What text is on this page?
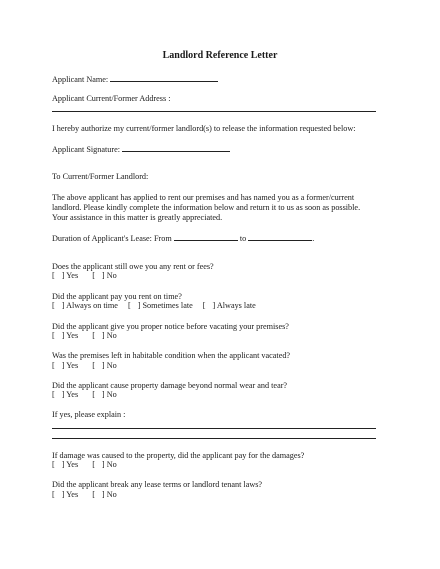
Landlord Reference Letter
Applicant Name:
Applicant Current/Former Address :
I hereby authorize my current/former landlord(s) to release the information requested below:
Applicant Signature:
To Current/Former Landlord:
The above applicant has applied to rent our premises and has named you as a former/current
landlord. Please kindly complete the information below and return it to us as soon as possible.
Your assistance in this matter is greatly appreciated.
Duration of Applicant's Lease: From	to	.
Does the applicant still owe you any rent or fees?
[ ] Yes [ ] No
Did the applicant pay you rent on time?
[ ] Always on time [ ] Sometimes late [ ] Always late
Did the applicant give you proper notice before vacating your premises?
[ ] Yes [ ] No
Was the premises left in habitable condition when the applicant vacated?
[ ] Yes [ ] No
Did the applicant cause property damage beyond normal wear and tear?
[ ] Yes [ ] No
If yes, please explain :
If damage was caused to the property, did the applicant pay for the damages?
[ ] Yes [ ] No
Did the applicant break any lease terms or landlord tenant laws?
[ ] Yes [ ] No
